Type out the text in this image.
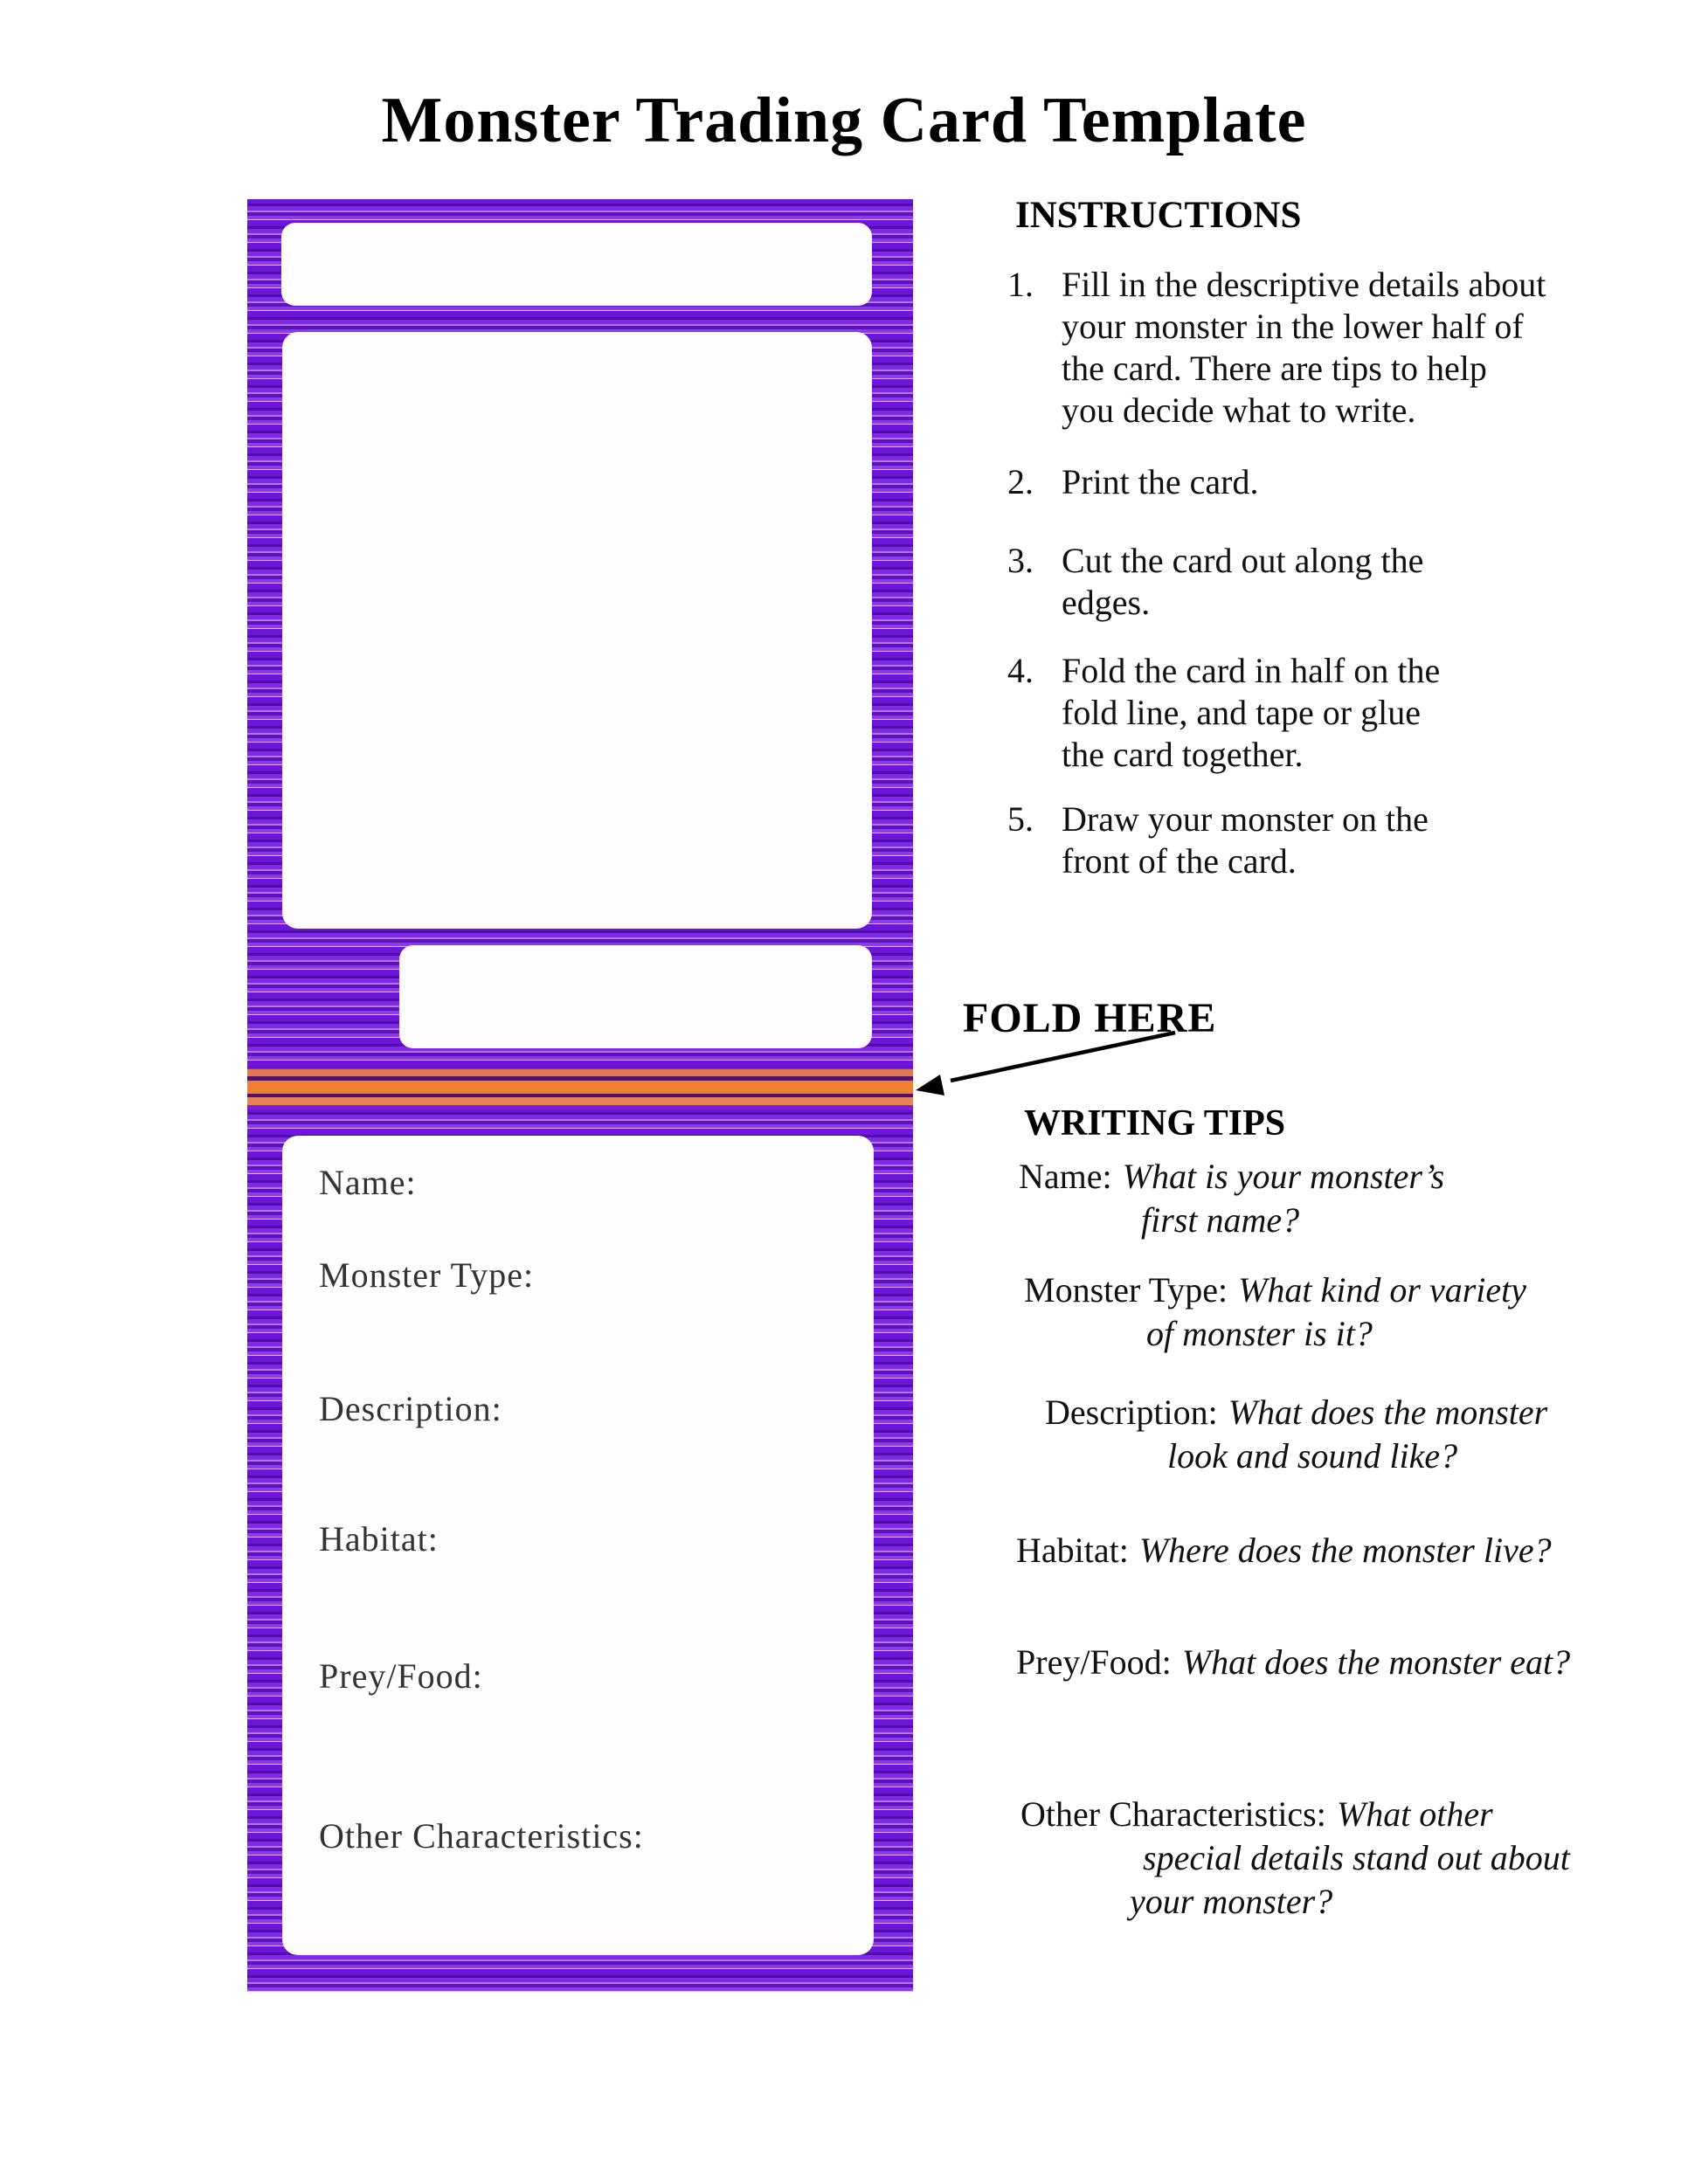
Monster Trading Card Template
Name:
Monster Type:
Description:
Habitat:
Prey/Food:
Other Characteristics:
INSTRUCTIONS
1. Fill in the descriptive details about
your monster in the lower half of
the card. There are tips to help
you decide what to write.
2. Print the card.
3. Cut the card out along the
edges.
4. Fold the card in half on the
fold line, and tape or glue
the card together.
5. Draw your monster on the
front of the card.
FOLD HERE
WRITING TIPS
Name: What is your monster’s
first name?
Monster Type: What kind or variety
of monster is it?
Description: What does the monster
look and sound like?
Habitat: Where does the monster live?
Prey/Food: What does the monster eat?
Other Characteristics: What other
special details stand out about
your monster?
